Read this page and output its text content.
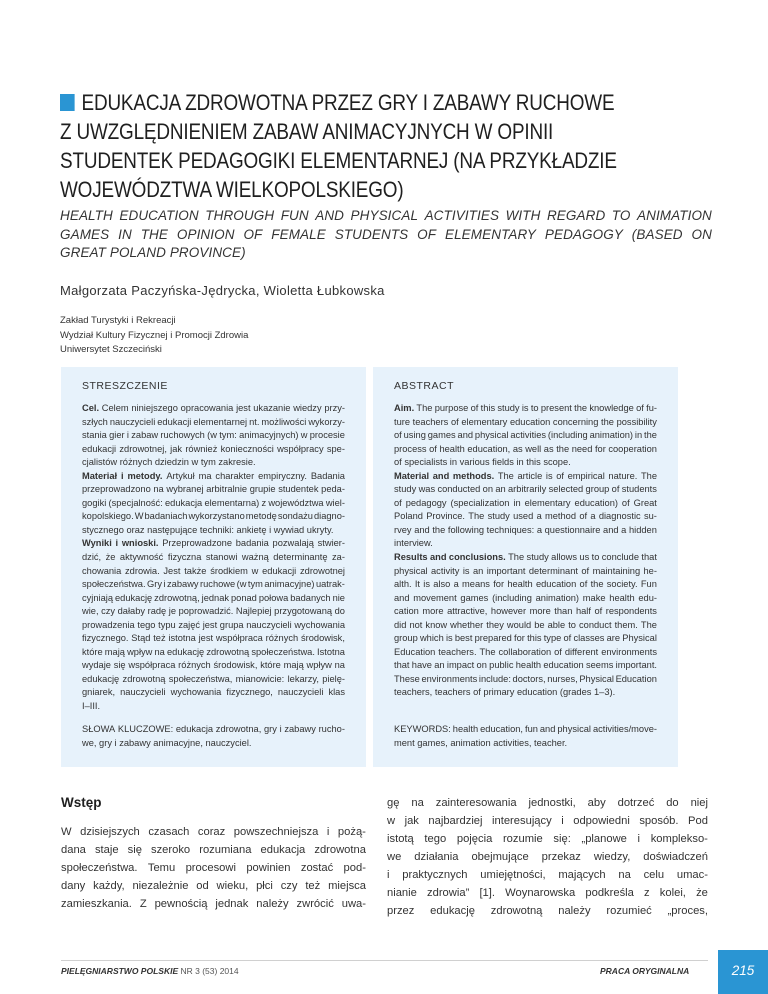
EDUKACJA ZDROWOTNA PRZEZ GRY I ZABAWY RUCHOWE
Z UWZGLĘDNIENIEM ZABAW ANIMACYJNYCH W OPINII
STUDENTEK PEDAGOGIKI ELEMENTARNEJ (NA PRZYKŁADZIE
WOJEWÓDZTWA WIELKOPOLSKIEGO)
HEALTH EDUCATION THROUGH FUN AND PHYSICAL ACTIVITIES WITH REGARD TO ANIMATION
GAMES IN THE OPINION OF FEMALE STUDENTS OF ELEMENTARY PEDAGOGY (BASED ON
GREAT POLAND PROVINCE)
Małgorzata Paczyńska-Jędrycka, Wioletta Łubkowska
Zakład Turystyki i Rekreacji
Wydział Kultury Fizycznej i Promocji Zdrowia
Uniwersytet Szczeciński
STRESZCZENIE
Cel. Celem niniejszego opracowania jest ukazanie wiedzy przy-
szłych nauczycieli edukacji elementarnej nt. możliwości wykorzy-
stania gier i zabaw ruchowych (w tym: animacyjnych) w procesie
edukacji zdrowotnej, jak również konieczności współpracy spe-
cjalistów różnych dziedzin w tym zakresie.
Materiał i metody. Artykuł ma charakter empiryczny. Badania
przeprowadzono na wybranej arbitralnie grupie studentek peda-
gogiki (specjalność: edukacja elementarna) z województwa wiel-
kopolskiego. W badaniach wykorzystano metodę sondażu diagno-
stycznego oraz następujące techniki: ankietę i wywiad ukryty.
Wyniki i wnioski. Przeprowadzone badania pozwalają stwier-
dzić, że aktywność fizyczna stanowi ważną determinantę za-
chowania zdrowia. Jest także środkiem w edukacji zdrowotnej
społeczeństwa. Gry i zabawy ruchowe (w tym animacyjne) uatrak-
cyjniają edukację zdrowotną, jednak ponad połowa badanych nie
wie, czy dałaby radę je poprowadzić. Najlepiej przygotowaną do
prowadzenia tego typu zajęć jest grupa nauczycieli wychowania
fizycznego. Stąd też istotna jest współpraca różnych środowisk,
które mają wpływ na edukację zdrowotną społeczeństwa. Istotna
wydaje się współpraca różnych środowisk, które mają wpływ na
edukację zdrowotną społeczeństwa, mianowicie: lekarzy, pielę-
gniarek, nauczycieli wychowania fizycznego, nauczycieli klas
I–III.
SŁOWA KLUCZOWE: edukacja zdrowotna, gry i zabawy rucho-
we, gry i zabawy animacyjne, nauczyciel.
ABSTRACT
Aim. The purpose of this study is to present the knowledge of fu-
ture teachers of elementary education concerning the possibility
of using games and physical activities (including animation) in the
process of health education, as well as the need for cooperation
of specialists in various fields in this scope.
Material and methods. The article is of empirical nature. The
study was conducted on an arbitrarily selected group of students
of pedagogy (specialization in elementary education) of Great
Poland Province. The study used a method of a diagnostic su-
rvey and the following techniques: a questionnaire and a hidden
interview.
Results and conclusions. The study allows us to conclude that
physical activity is an important determinant of maintaining he-
alth. It is also a means for health education of the society. Fun
and movement games (including animation) make health edu-
cation more attractive, however more than half of respondents
did not know whether they would be able to conduct them. The
group which is best prepared for this type of classes are Physical
Education teachers. The collaboration of different environments
that have an impact on public health education seems important.
These environments include: doctors, nurses, Physical Education
teachers, teachers of primary education (grades 1–3).
KEYWORDS: health education, fun and physical activities/move-
ment games, animation activities, teacher.
Wstęp
W dzisiejszych czasach coraz powszechniejsza i pożą-
dana staje się szeroko rozumiana edukacja zdrowotna
społeczeństwa. Temu procesowi powinien zostać pod-
dany każdy, niezależnie od wieku, płci czy też miejsca
zamieszkania. Z pewnością jednak należy zwrócić uwa-
gę na zainteresowania jednostki, aby dotrzeć do niej
w jak najbardziej interesujący i odpowiedni sposób. Pod
istotą tego pojęcia rozumie się: „planowe i komplekso-
we działania obejmujące przekaz wiedzy, doświadczeń
i praktycznych umiejętności, mających na celu umac-
nianie zdrowia” [1]. Woynarowska podkreśla z kolei, że
przez edukację zdrowotną należy rozumieć „proces,
PIELĘGNIARSTWO POLSKIE NR 3 (53) 2014	PRACA ORYGINALNA	215
